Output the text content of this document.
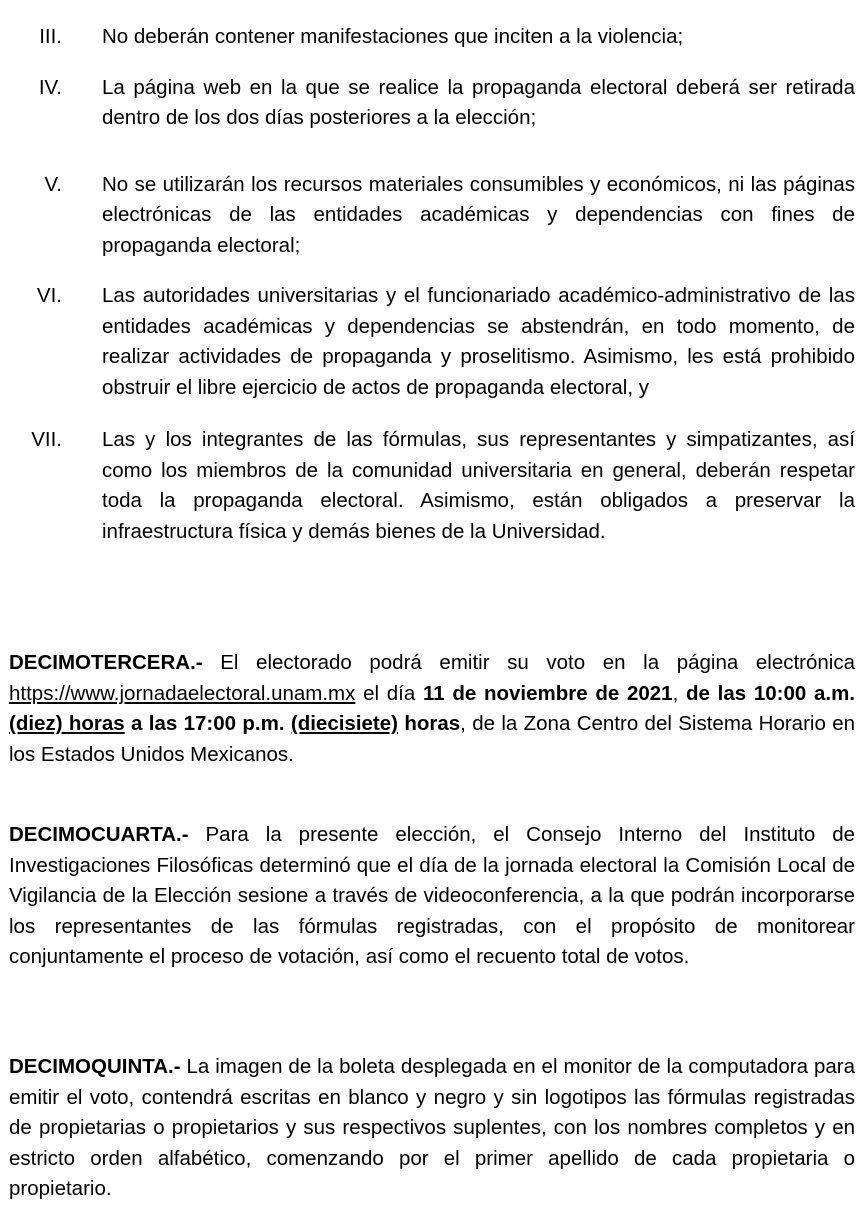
III. No deberán contener manifestaciones que inciten a la violencia;
IV. La página web en la que se realice la propaganda electoral deberá ser retirada dentro de los dos días posteriores a la elección;
V. No se utilizarán los recursos materiales consumibles y económicos, ni las páginas electrónicas de las entidades académicas y dependencias con fines de propaganda electoral;
VI. Las autoridades universitarias y el funcionariado académico-administrativo de las entidades académicas y dependencias se abstendrán, en todo momento, de realizar actividades de propaganda y proselitismo. Asimismo, les está prohibido obstruir el libre ejercicio de actos de propaganda electoral, y
VII. Las y los integrantes de las fórmulas, sus representantes y simpatizantes, así como los miembros de la comunidad universitaria en general, deberán respetar toda la propaganda electoral. Asimismo, están obligados a preservar la infraestructura física y demás bienes de la Universidad.
DECIMOTERCERA.- El electorado podrá emitir su voto en la página electrónica https://www.jornadaelectoral.unam.mx el día 11 de noviembre de 2021, de las 10:00 a.m. (diez) horas a las 17:00 p.m. (diecisiete) horas, de la Zona Centro del Sistema Horario en los Estados Unidos Mexicanos.
DECIMOCUARTA.- Para la presente elección, el Consejo Interno del Instituto de Investigaciones Filosóficas determinó que el día de la jornada electoral la Comisión Local de Vigilancia de la Elección sesione a través de videoconferencia, a la que podrán incorporarse los representantes de las fórmulas registradas, con el propósito de monitorear conjuntamente el proceso de votación, así como el recuento total de votos.
DECIMOQUINTA.- La imagen de la boleta desplegada en el monitor de la computadora para emitir el voto, contendrá escritas en blanco y negro y sin logotipos las fórmulas registradas de propietarias o propietarios y sus respectivos suplentes, con los nombres completos y en estricto orden alfabético, comenzando por el primer apellido de cada propietaria o propietario.
